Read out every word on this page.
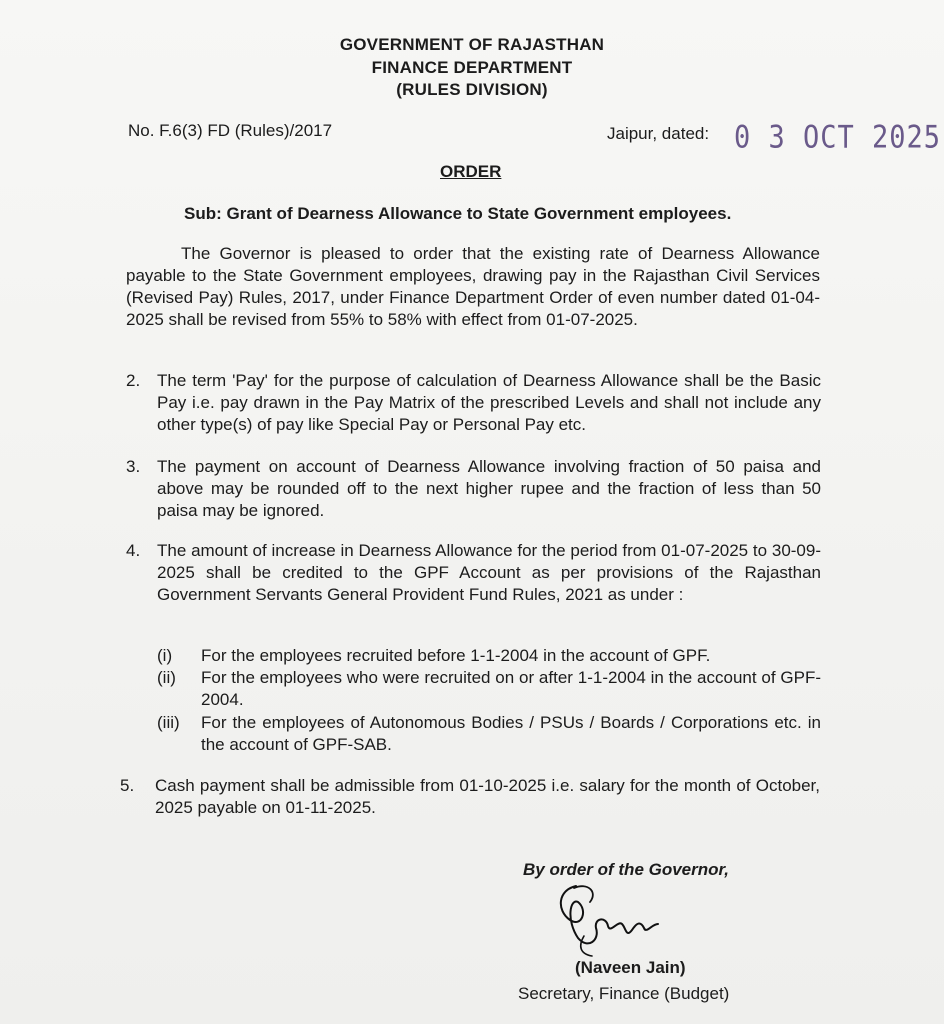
GOVERNMENT OF RAJASTHAN
FINANCE DEPARTMENT
(RULES DIVISION)
No. F.6(3) FD (Rules)/2017	Jaipur, dated: 0 3 OCT 2025
ORDER
Sub: Grant of Dearness Allowance to State Government employees.
The Governor is pleased to order that the existing rate of Dearness Allowance payable to the State Government employees, drawing pay in the Rajasthan Civil Services (Revised Pay) Rules, 2017, under Finance Department Order of even number dated 01-04-2025 shall be revised from 55% to 58% with effect from 01-07-2025.
2. The term 'Pay' for the purpose of calculation of Dearness Allowance shall be the Basic Pay i.e. pay drawn in the Pay Matrix of the prescribed Levels and shall not include any other type(s) of pay like Special Pay or Personal Pay etc.
3. The payment on account of Dearness Allowance involving fraction of 50 paisa and above may be rounded off to the next higher rupee and the fraction of less than 50 paisa may be ignored.
4. The amount of increase in Dearness Allowance for the period from 01-07-2025 to 30-09-2025 shall be credited to the GPF Account as per provisions of the Rajasthan Government Servants General Provident Fund Rules, 2021 as under :
(i) For the employees recruited before 1-1-2004 in the account of GPF.
(ii) For the employees who were recruited on or after 1-1-2004 in the account of GPF-2004.
(iii) For the employees of Autonomous Bodies / PSUs / Boards / Corporations etc. in the account of GPF-SAB.
5. Cash payment shall be admissible from 01-10-2025 i.e. salary for the month of October, 2025 payable on 01-11-2025.
By order of the Governor,
(Naveen Jain)
Secretary, Finance (Budget)
